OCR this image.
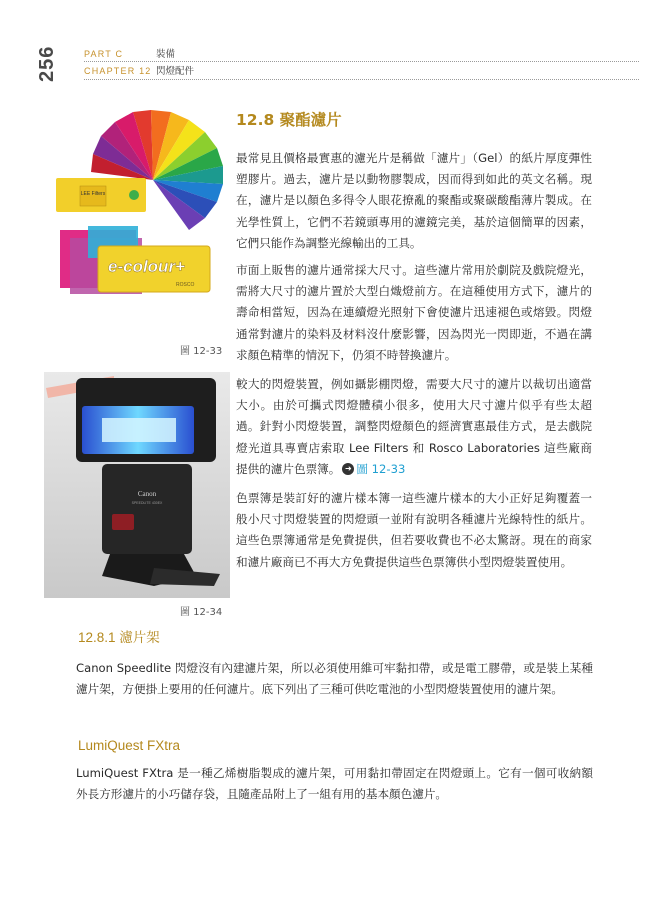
256	PART C	裝備
CHAPTER 12 閃燈配件
LEE Filters
e-colour+
ROSCO
圖 12-33
Canon
SPEEDLITE 430EX
圖 12-34
12.8 聚酯濾片
最常見且價格最實惠的濾光片是稱做「濾片」（Gel）的紙片厚度彈性塑膠片。過去，濾片是以動物膠製成，因而得到如此的英文名稱。現在，濾片是以顏色多得令人眼花撩亂的聚酯或聚碳酸酯薄片製成。在光學性質上，它們不若鏡頭專用的濾鏡完美，基於這個簡單的因素，它們只能作為調整光線輸出的工具。
市面上販售的濾片通常採大尺寸。這些濾片常用於劇院及戲院燈光，需將大尺寸的濾片置於大型白熾燈前方。在這種使用方式下，濾片的壽命相當短，因為在連續燈光照射下會使濾片迅速褪色或熔毀。閃燈通常對濾片的染料及材料沒什麼影響，因為閃光一閃即逝，不過在講求顏色精準的情況下，仍須不時替換濾片。
較大的閃燈裝置，例如攝影棚閃燈，需要大尺寸的濾片以裁切出適當大小。由於可攜式閃燈體積小很多，使用大尺寸濾片似乎有些太超過。針對小閃燈裝置，調整閃燈顏色的經濟實惠最佳方式，是去戲院燈光道具專賣店索取 Lee Filters 和 Rosco Laboratories 這些廠商提供的濾片色票簿。 ➜ 圖 12-33
色票簿是裝訂好的濾片樣本簿一這些濾片樣本的大小正好足夠覆蓋一般小尺寸閃燈裝置的閃燈頭一並附有說明各種濾片光線特性的紙片。這些色票簿通常是免費提供，但若要收費也不必太驚訝。現在的商家和濾片廠商已不再大方免費提供這些色票簿供小型閃燈裝置使用。
12.8.1 濾片架
Canon Speedlite 閃燈沒有內建濾片架，所以必須使用維可牢黏扣帶，或是電工膠帶，或是裝上某種濾片架，方便掛上要用的任何濾片。底下列出了三種可供吃電池的小型閃燈裝置使用的濾片架。
LumiQuest FXtra
LumiQuest FXtra 是一種乙烯樹脂製成的濾片架，可用黏扣帶固定在閃燈頭上。它有一個可收納額外長方形濾片的小巧儲存袋，且隨產品附上了一組有用的基本顏色濾片。
